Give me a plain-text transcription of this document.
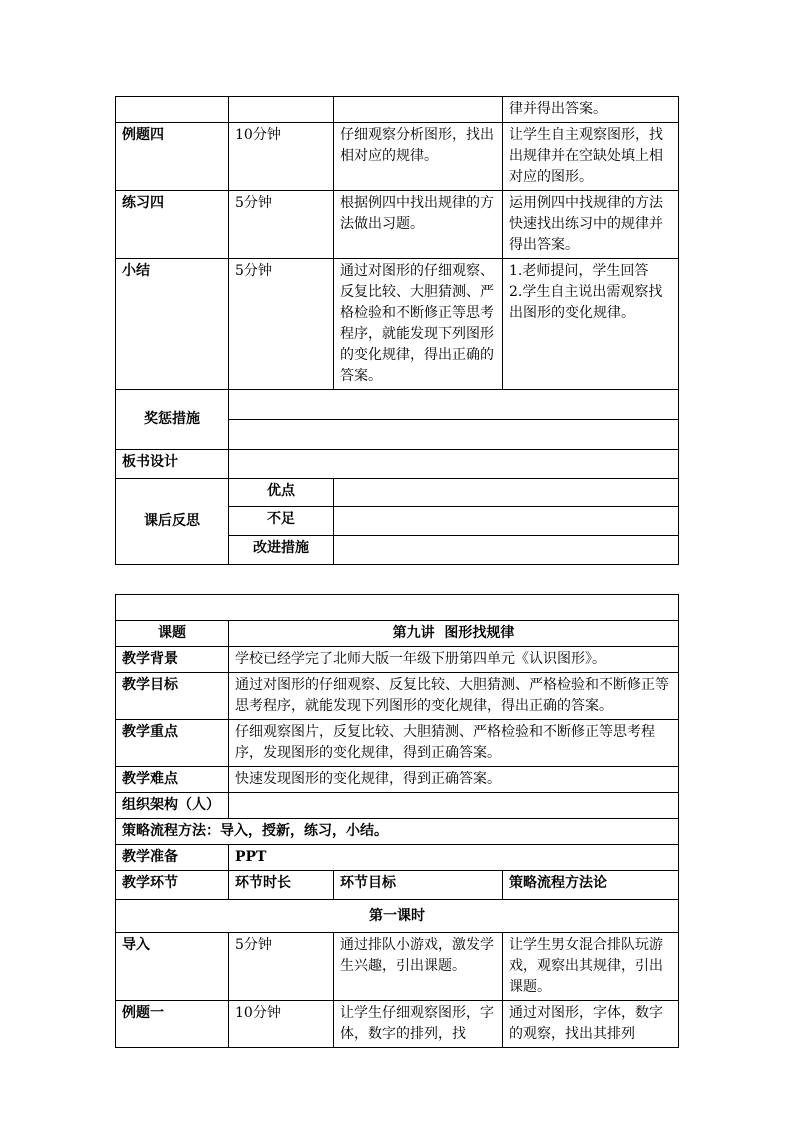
			律并得出答案。
例题四	10分钟	仔细观察分析图形，找出相对应的规律。	让学生自主观察图形，找出规律并在空缺处填上相对应的图形。
练习四	5分钟	根据例四中找出规律的方法做出习题。	运用例四中找规律的方法快速找出练习中的规律并得出答案。
小结	5分钟	通过对图形的仔细观察、反复比较、大胆猜测、严格检验和不断修正等思考程序，就能发现下列图形的变化规律，得出正确的答案。	1.老师提问，学生回答
2.学生自主说出需观察找出图形的变化规律。

奖惩措施			

板书设计			
课后反思	优点		
	不足		
	改进措施		

课题	第九讲  图形找规律		
教学背景	学校已经学完了北师大版一年级下册第四单元《认识图形》。		
教学目标	通过对图形的仔细观察、反复比较、大胆猜测、严格检验和不断修正等思考程序，就能发现下列图形的变化规律，得出正确的答案。		
教学重点	仔细观察图片，反复比较、大胆猜测、严格检验和不断修正等思考程序，发现图形的变化规律，得到正确答案。		
教学难点	快速发现图形的变化规律，得到正确答案。		
组织架构（人）			
策略流程方法：导入，授新，练习，小结。			
教学准备	PPT		
教学环节	环节时长	环节目标	策略流程方法论
第一课时			
导入	5分钟	通过排队小游戏，激发学生兴趣，引出课题。	让学生男女混合排队玩游戏，观察出其规律，引出课题。
例题一	10分钟	让学生仔细观察图形，字体，数字的排列，找	通过对图形，字体，数字的观察，找出其排列
